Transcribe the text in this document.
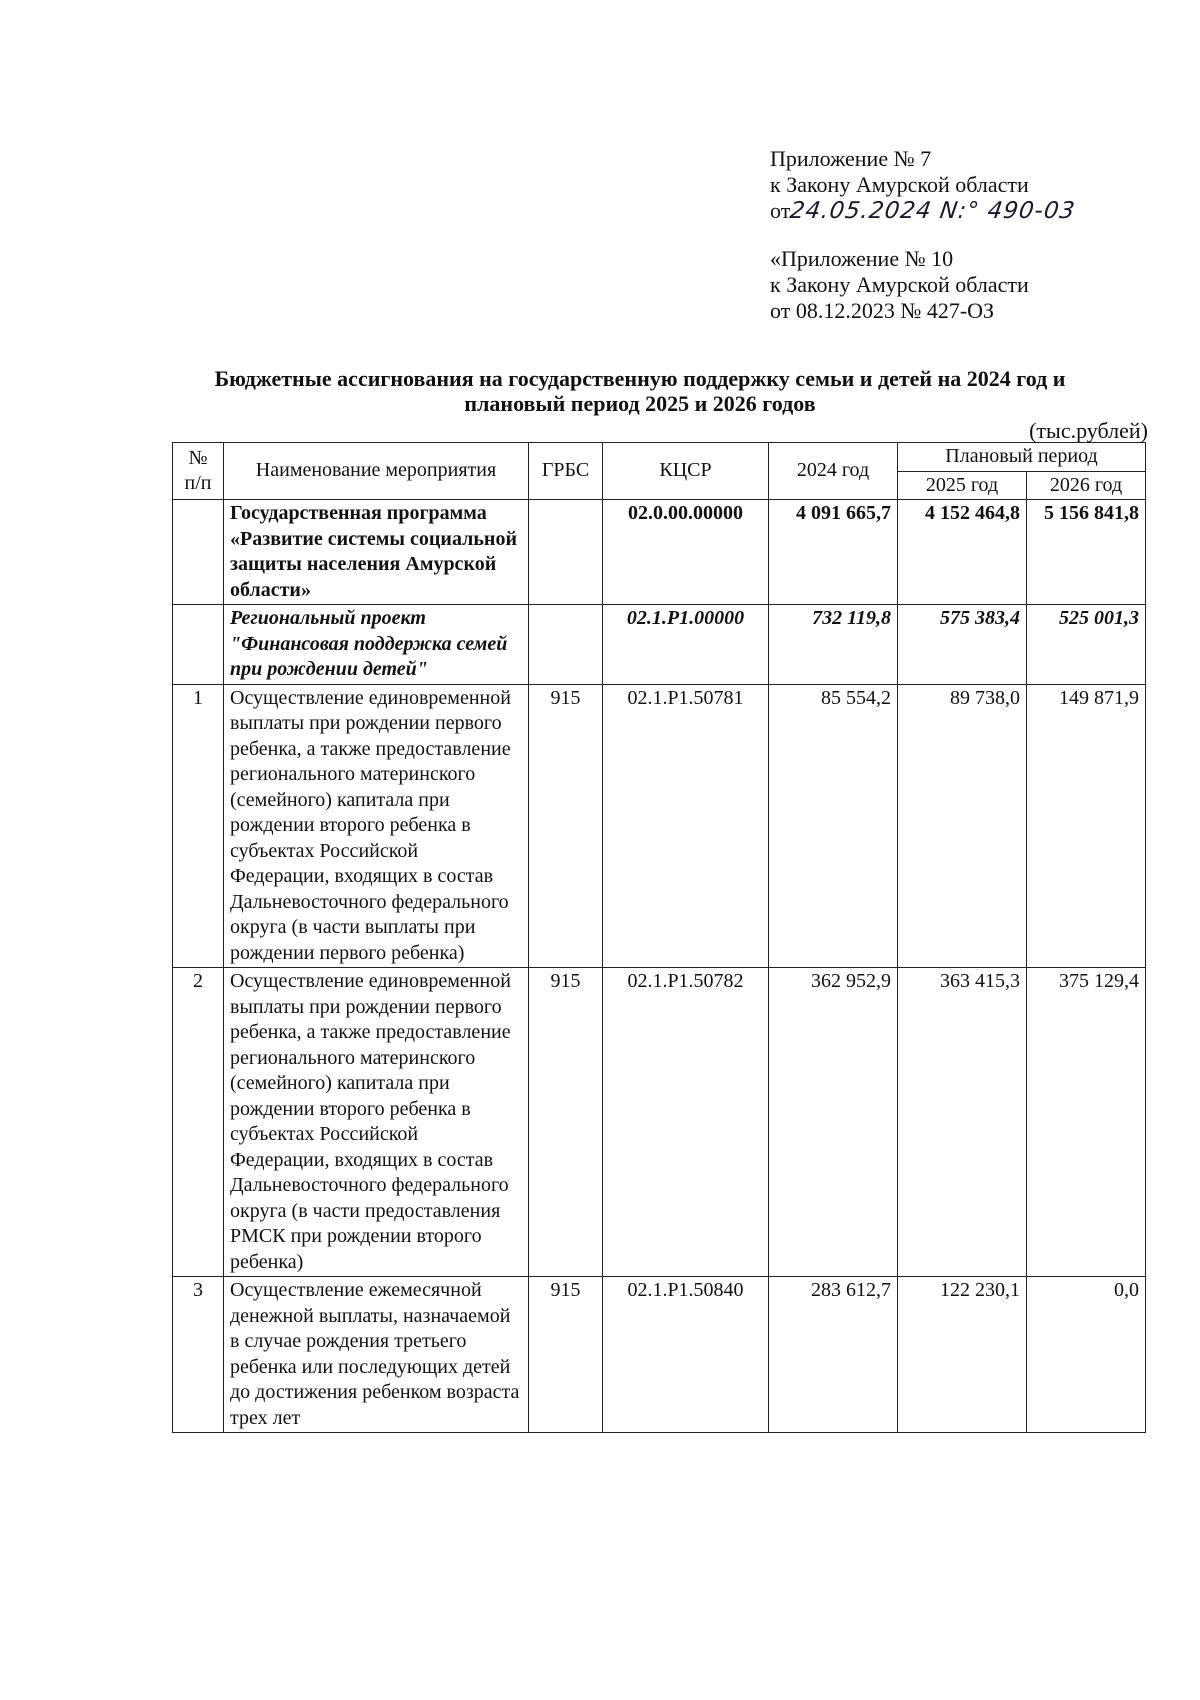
Приложение № 7
к Закону Амурской области
от24.05.2024 N:° 490-03
«Приложение № 10
к Закону Амурской области
от 08.12.2023 № 427-ОЗ
Бюджетные ассигнования на государственную поддержку семьи и детей на 2024 год и
плановый период 2025 и 2026 годов
(тыс.рублей)
№ п/п	Наименование мероприятия	ГРБС	КЦСР	2024 год	Плановый период	
					2025 год	2026 год
	Государственная программа «Развитие системы социальной защиты населения Амурской области»		02.0.00.00000	4 091 665,7	4 152 464,8	5 156 841,8
	Региональный проект "Финансовая поддержка семей при рождении детей"		02.1.Р1.00000	732 119,8	575 383,4	525 001,3
1	Осуществление единовременной выплаты при рождении первого ребенка, а также предоставление регионального материнского (семейного) капитала при рождении второго ребенка в субъектах Российской Федерации, входящих в состав Дальневосточного федерального округа (в части выплаты при рождении первого ребенка)	915	02.1.Р1.50781	85 554,2	89 738,0	149 871,9
2	Осуществление единовременной выплаты при рождении первого ребенка, а также предоставление регионального материнского (семейного) капитала при рождении второго ребенка в субъектах Российской Федерации, входящих в состав Дальневосточного федерального округа (в части предоставления РМСК при рождении второго ребенка)	915	02.1.Р1.50782	362 952,9	363 415,3	375 129,4
3	Осуществление ежемесячной денежной выплаты, назначаемой в случае рождения третьего ребенка или последующих детей до достижения ребенком возраста трех лет	915	02.1.Р1.50840	283 612,7	122 230,1	0,0
